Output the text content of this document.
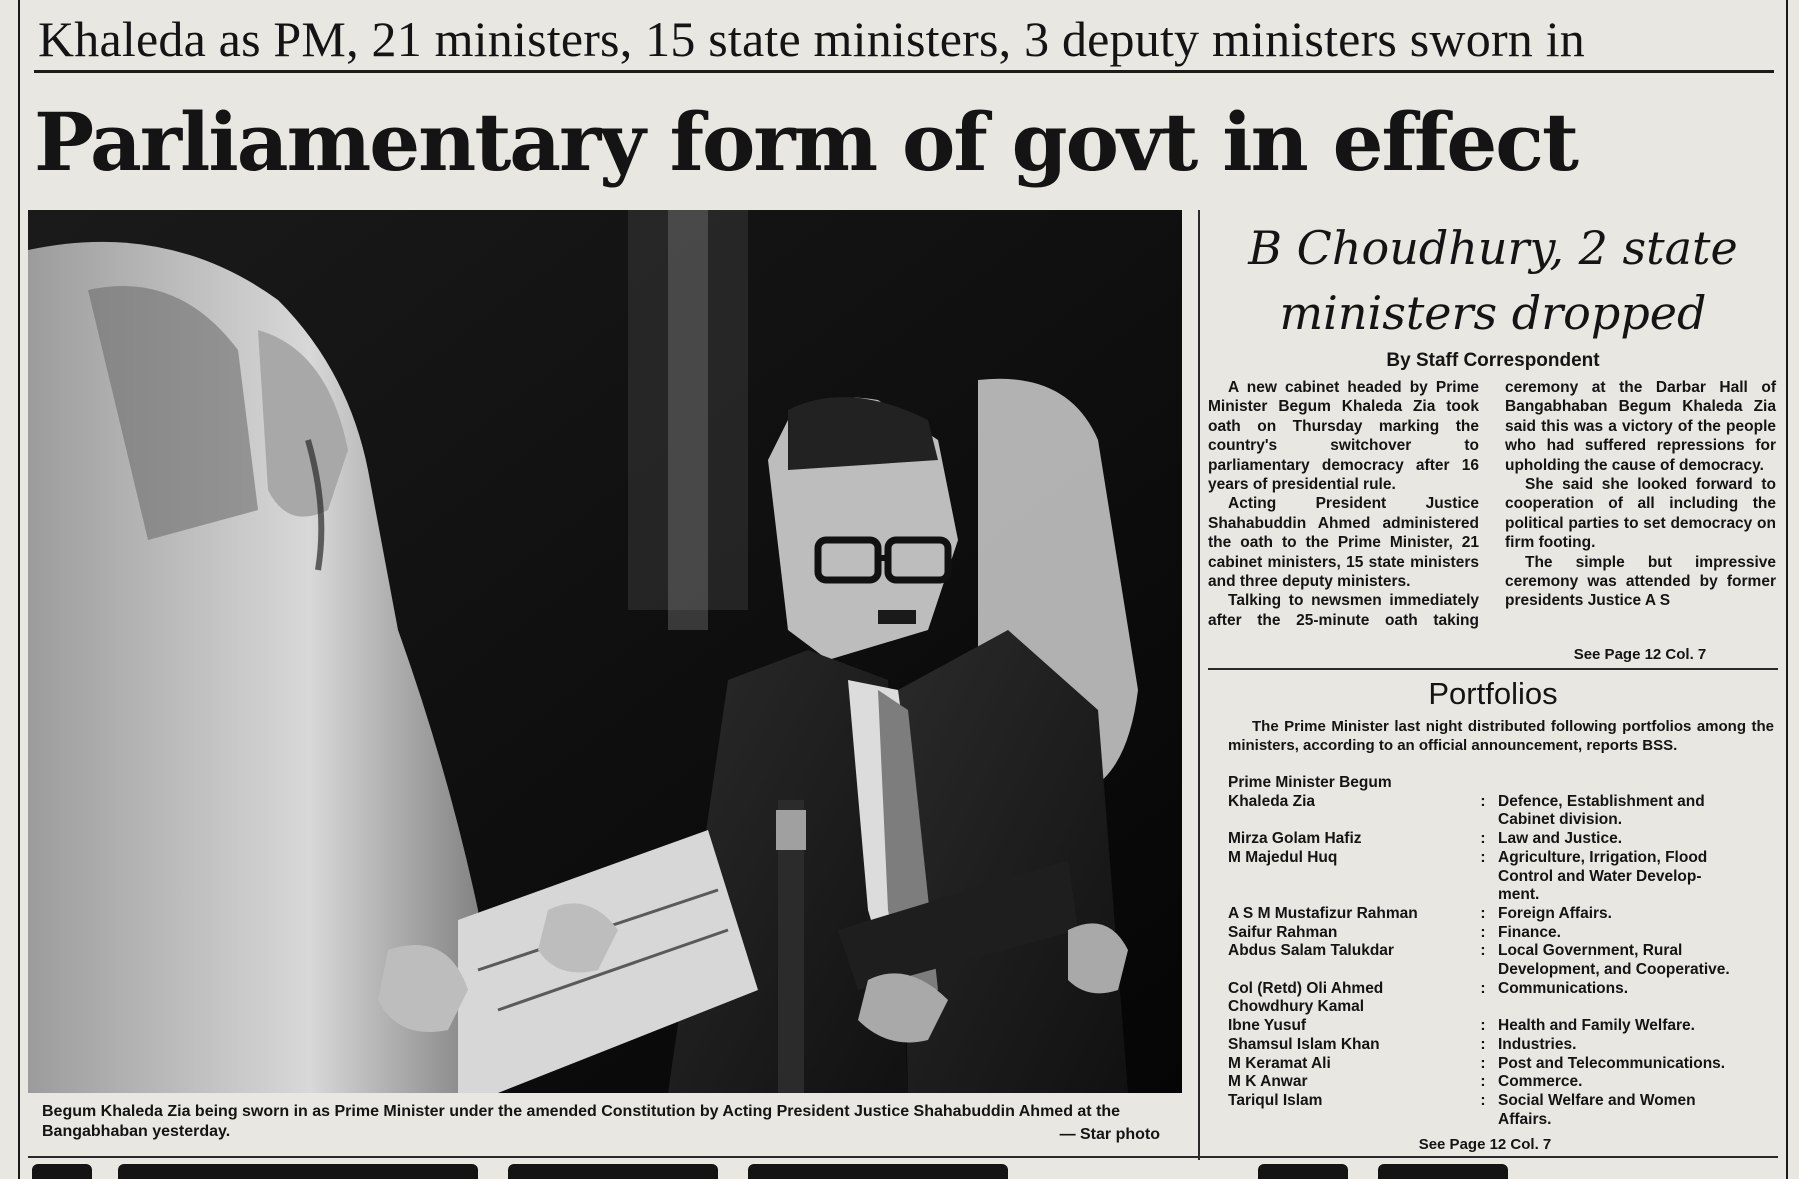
Khaleda as PM, 21 ministers, 15 state ministers, 3 deputy ministers sworn in
Parliamentary form of govt in effect
Begum Khaleda Zia being sworn in as Prime Minister under the amended Constitution by Acting President Justice Shahabuddin Ahmed at the Bangabhaban yesterday.	— Star photo
B Choudhury, 2 state
ministers dropped
By Staff Correspondent

A new cabinet headed by Prime Minister Begum Khaleda Zia took oath on Thursday marking the country's switchover to parliamentary democracy after 16 years of presidential rule.

Acting President Justice Shahabuddin Ahmed administered the oath to the Prime Minister, 21 cabinet ministers, 15 state ministers and three deputy ministers.

Talking to newsmen immediately after the 25-minute oath taking ceremony at the Darbar Hall of Bangabhaban Begum Khaleda Zia said this was a victory of the people who had suffered repressions for upholding the cause of democracy.

She said she looked forward to cooperation of all including the political parties to set democracy on firm footing.

The simple but impressive ceremony was attended by former presidents Justice A S

See Page 12 Col. 7
Portfolios
The Prime Minister last night distributed following portfolios among the ministers, according to an official announcement, reports BSS.
Prime Minister Begum
Khaleda Zia	: Defence, Establishment and
Cabinet division.
Mirza Golam Hafiz	: Law and Justice.
M Majedul Huq	: Agriculture, Irrigation, Flood
Control and Water Develop-
ment.
A S M Mustafizur Rahman	: Foreign Affairs.
Saifur Rahman	: Finance.
Abdus Salam Talukdar	: Local Government, Rural
Development, and Cooperative.
Col (Retd) Oli Ahmed	: Communications.
Chowdhury Kamal
Ibne Yusuf	: Health and Family Welfare.
Shamsul Islam Khan	: Industries.
M Keramat Ali	: Post and Telecommunications.
M K Anwar	: Commerce.
Tariqul Islam	: Social Welfare and Women
Affairs.
See Page 12 Col. 7
